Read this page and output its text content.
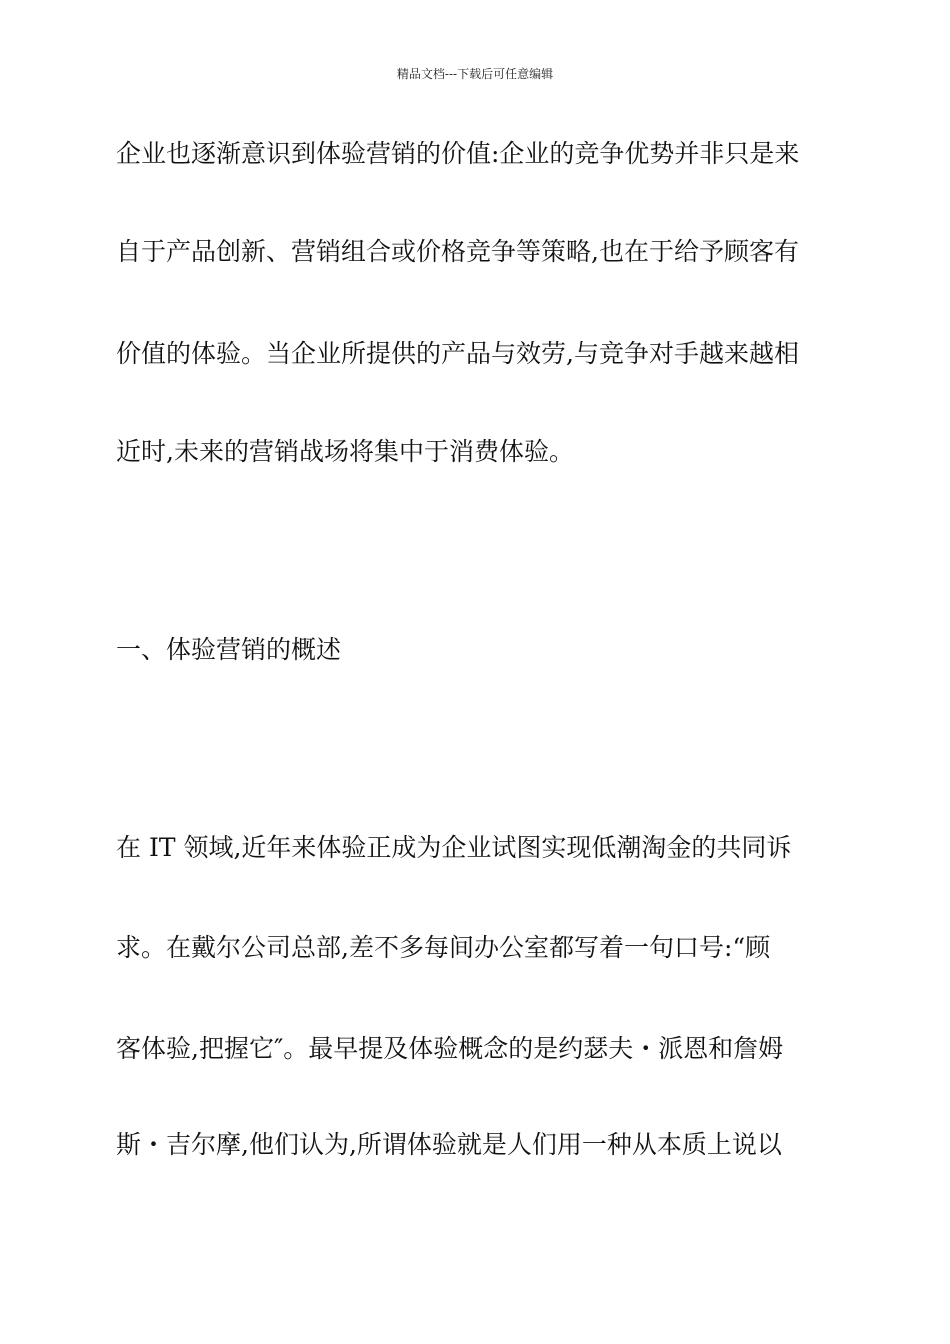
精品文档---下载后可任意编辑
企业也逐渐意识到体验营销的价值:企业的竞争优势并非只是来
自于产品创新、营销组合或价格竞争等策略,也在于给予顾客有
价值的体验。当企业所提供的产品与效劳,与竞争对手越来越相
近时,未来的营销战场将集中于消费体验。
一、体验营销的概述
在 IT 领域,近年来体验正成为企业试图实现低潮淘金的共同诉
求。在戴尔公司总部,差不多每间办公室都写着一句口号:“顾
客体验,把握它″。最早提及体验概念的是约瑟夫・派恩和詹姆
斯・吉尔摩,他们认为,所谓体验就是人们用一种从本质上说以
